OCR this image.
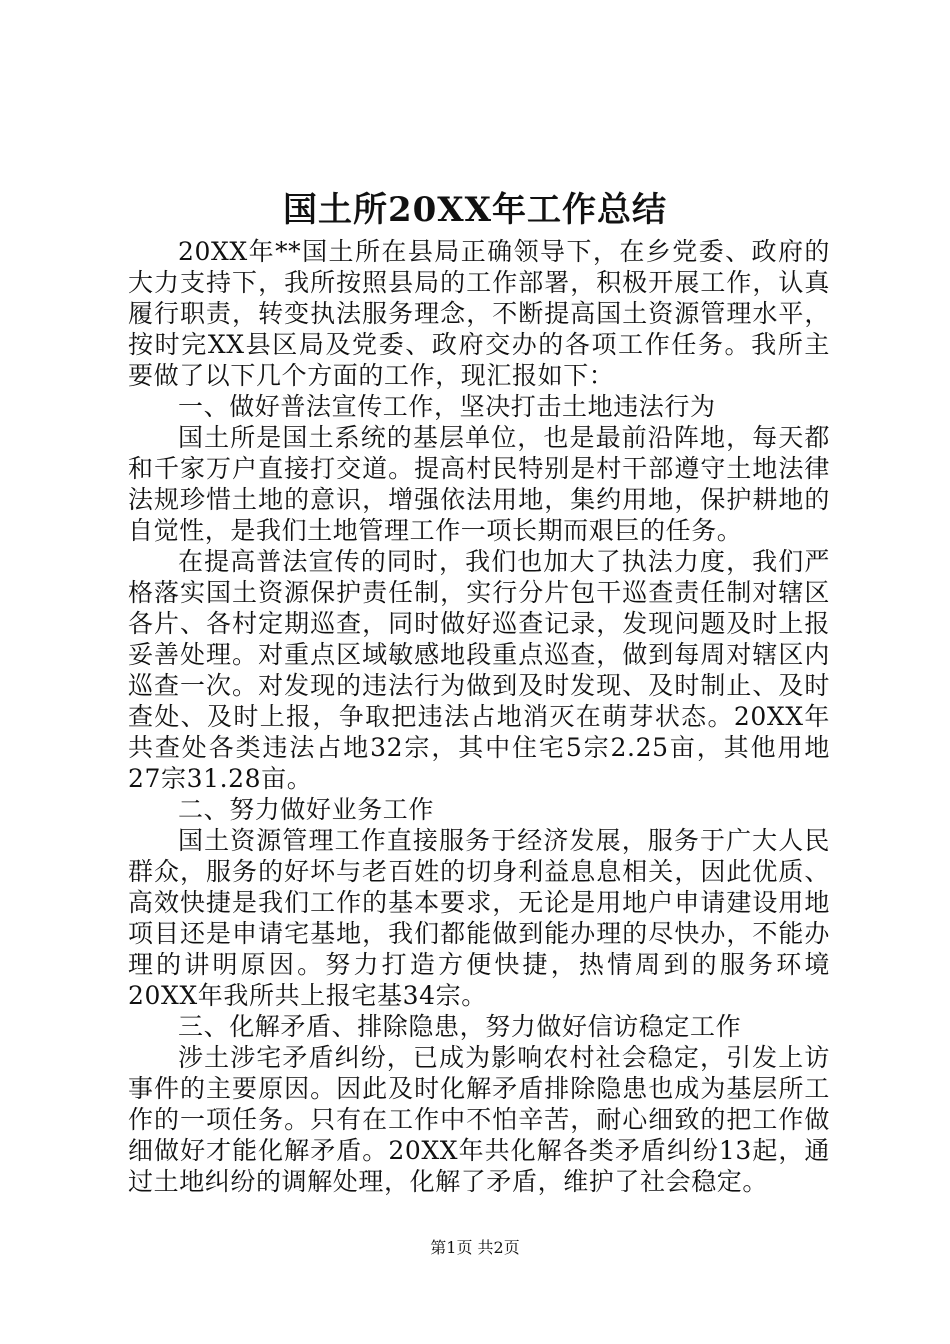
国土所20XX年工作总结

20XX年**国土所在县局正确领导下，在乡党委、政府的大力支持下，我所按照县局的工作部署，积极开展工作，认真履行职责，转变执法服务理念，不断提高国土资源管理水平，按时完XX县区局及党委、政府交办的各项工作任务。我所主要做了以下几个方面的工作，现汇报如下：

一、做好普法宣传工作，坚决打击土地违法行为

国土所是国土系统的基层单位，也是最前沿阵地，每天都和千家万户直接打交道。提高村民特别是村干部遵守土地法律法规珍惜土地的意识，增强依法用地，集约用地，保护耕地的自觉性，是我们土地管理工作一项长期而艰巨的任务。

在提高普法宣传的同时，我们也加大了执法力度，我们严格落实国土资源保护责任制，实行分片包干巡查责任制对辖区各片、各村定期巡查，同时做好巡查记录，发现问题及时上报妥善处理。对重点区域敏感地段重点巡查，做到每周对辖区内巡查一次。对发现的违法行为做到及时发现、及时制止、及时查处、及时上报，争取把违法占地消灭在萌芽状态。20XX年共查处各类违法占地32宗，其中住宅5宗2.25亩，其他用地27宗31.28亩。

二、努力做好业务工作

国土资源管理工作直接服务于经济发展，服务于广大人民群众，服务的好坏与老百姓的切身利益息息相关，因此优质、高效快捷是我们工作的基本要求，无论是用地户申请建设用地项目还是申请宅基地，我们都能做到能办理的尽快办，不能办理的讲明原因。努力打造方便快捷，热情周到的服务环境20XX年我所共上报宅基34宗。

三、化解矛盾、排除隐患，努力做好信访稳定工作

涉土涉宅矛盾纠纷，已成为影响农村社会稳定，引发上访事件的主要原因。因此及时化解矛盾排除隐患也成为基层所工作的一项任务。只有在工作中不怕辛苦，耐心细致的把工作做细做好才能化解矛盾。20XX年共化解各类矛盾纠纷13起，通过土地纠纷的调解处理，化解了矛盾，维护了社会稳定。

第1页 共2页
